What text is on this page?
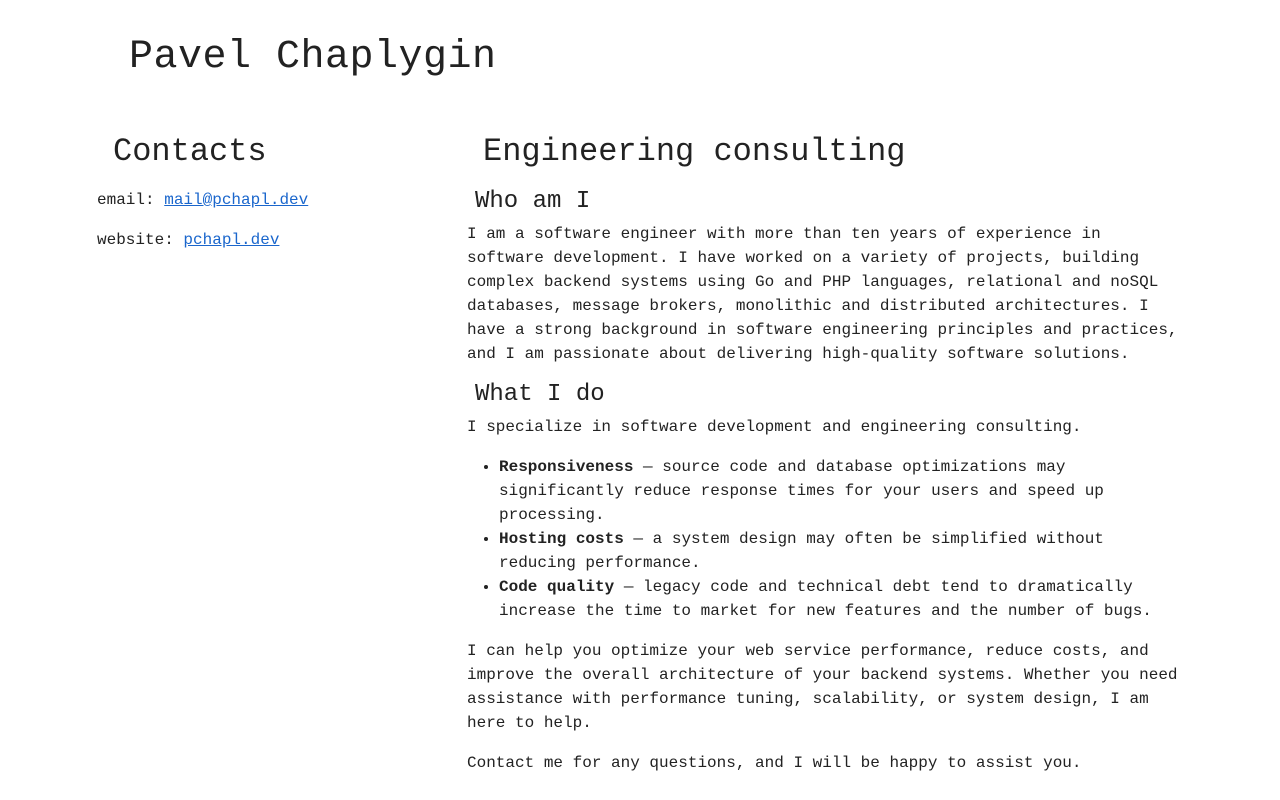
Pavel Chaplygin
Contacts

email: mail@pchapl.dev

website: pchapl.dev

Engineering consulting
Who am I

I am a software engineer with more than ten years of experience in software development. I have worked on a variety of projects, building complex backend systems using Go and PHP languages, relational and noSQL databases, message brokers, monolithic and distributed architectures. I have a strong background in software engineering principles and practices, and I am passionate about delivering high-quality software solutions.

What I do

I specialize in software development and engineering consulting.

• Responsiveness — source code and database optimizations may significantly reduce response times for your users and speed up processing.
• Hosting costs — a system design may often be simplified without reducing performance.
• Code quality — legacy code and technical debt tend to dramatically increase the time to market for new features and the number of bugs.

I can help you optimize your web service performance, reduce costs, and improve the overall architecture of your backend systems. Whether you need assistance with performance tuning, scalability, or system design, I am here to help.

Contact me for any questions, and I will be happy to assist you.
